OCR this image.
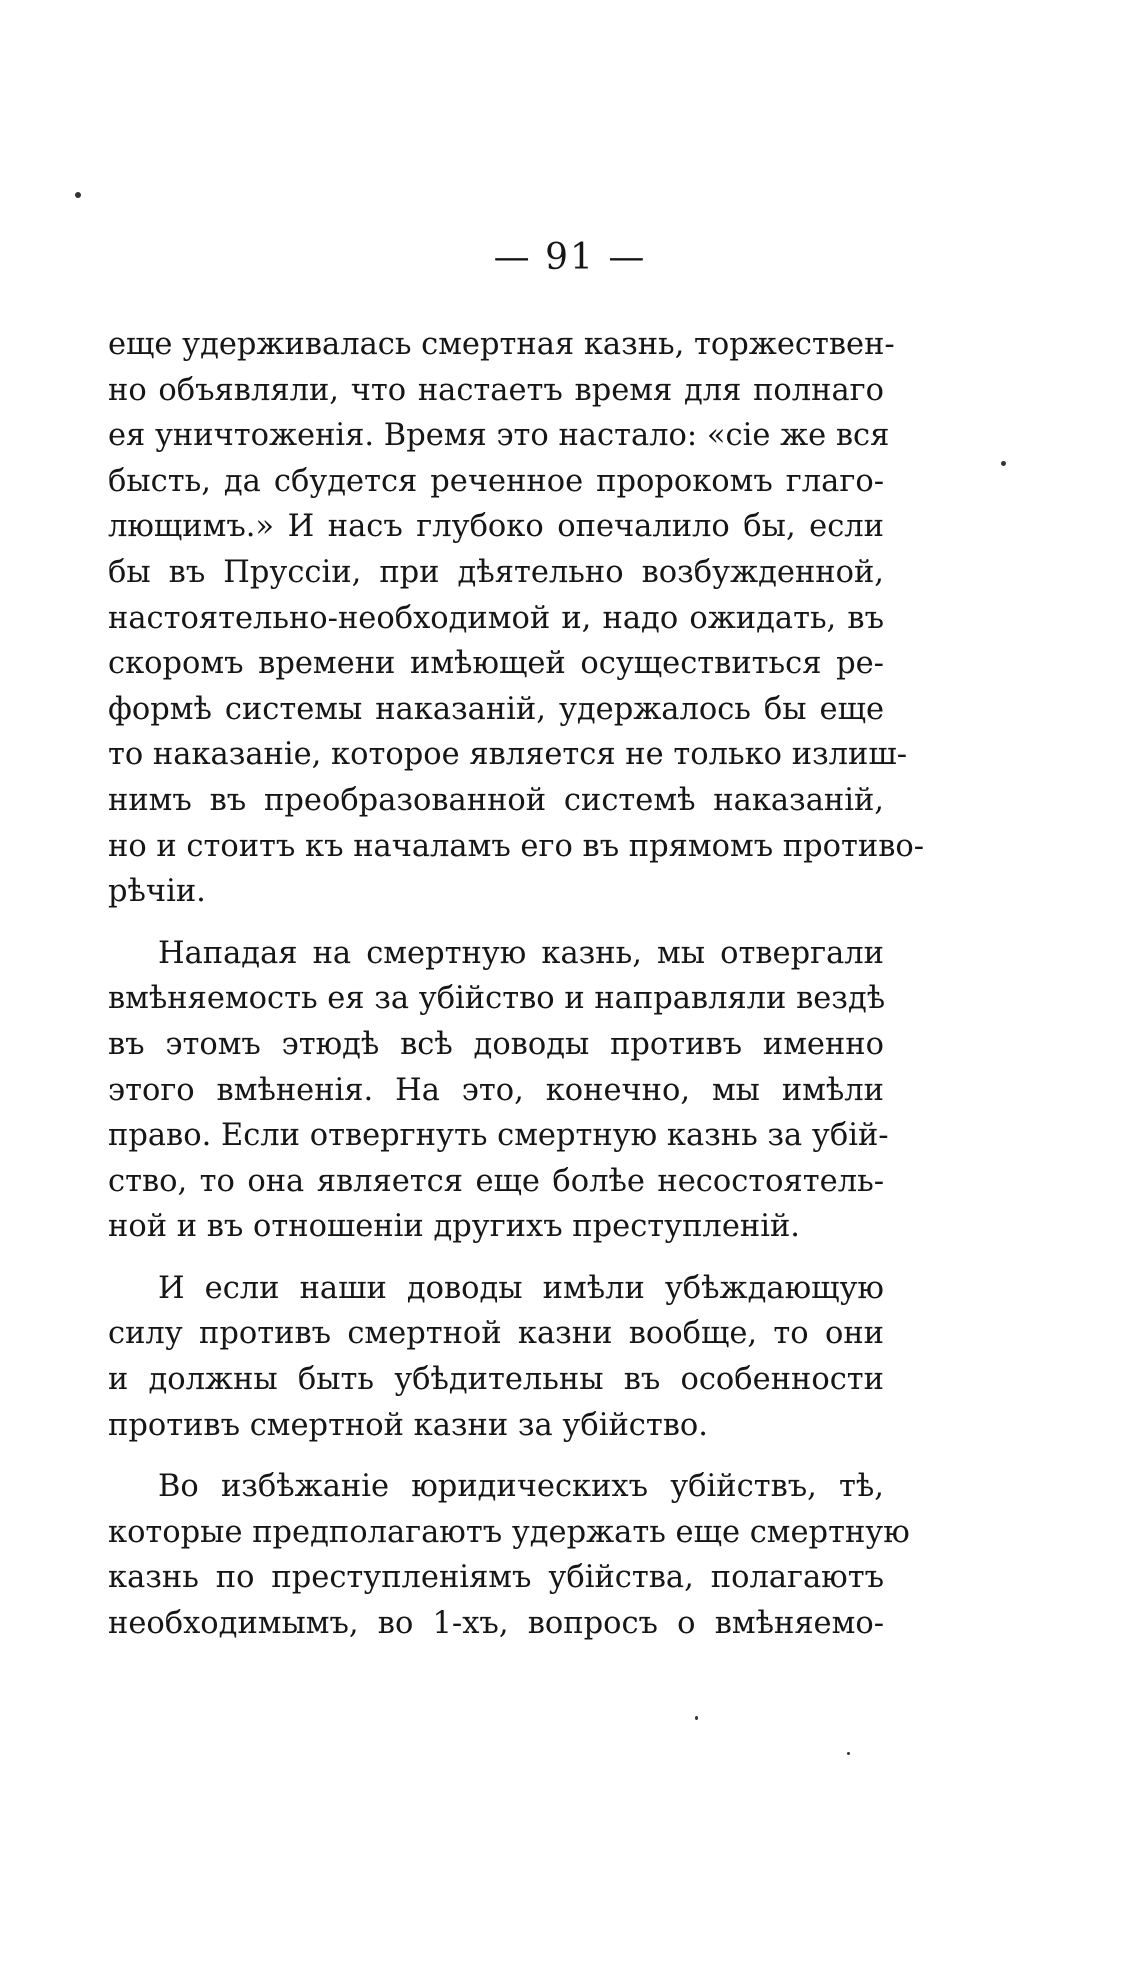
— 91 —
еще удерживалась смертная казнь, торжествен-
но объявляли, что настаетъ время для полнаго
ея уничтоженія. Время это настало: «сіе же вся
бысть, да сбудется реченное пророкомъ глаго-
лющимъ.» И насъ глубоко опечалило бы, если
бы въ Пруссіи, при дѣятельно возбужденной,
настоятельно-необходимой и, надо ожидать, въ
скоромъ времени имѣющей осуществиться ре-
формѣ системы наказаній, удержалось бы еще
то наказаніе, которое является не только излиш-
нимъ въ преобразованной системѣ наказаній,
но и стоитъ къ началамъ его въ прямомъ противо-
рѣчіи.
Нападая на смертную казнь, мы отвергали
вмѣняемость ея за убійство и направляли вездѣ
въ этомъ этюдѣ всѣ доводы противъ именно
этого вмѣненія. На это, конечно, мы имѣли
право. Если отвергнуть смертную казнь за убій-
ство, то она является еще болѣе несостоятель-
ной и въ отношеніи другихъ преступленій.
И если наши доводы имѣли убѣждающую
силу противъ смертной казни вообще, то они
и должны быть убѣдительны въ особенности
противъ смертной казни за убійство.
Во избѣжаніе юридическихъ убійствъ, тѣ,
которые предполагаютъ удержать еще смертную
казнь по преступленіямъ убійства, полагаютъ
необходимымъ, во 1-хъ, вопросъ о вмѣняемо-
